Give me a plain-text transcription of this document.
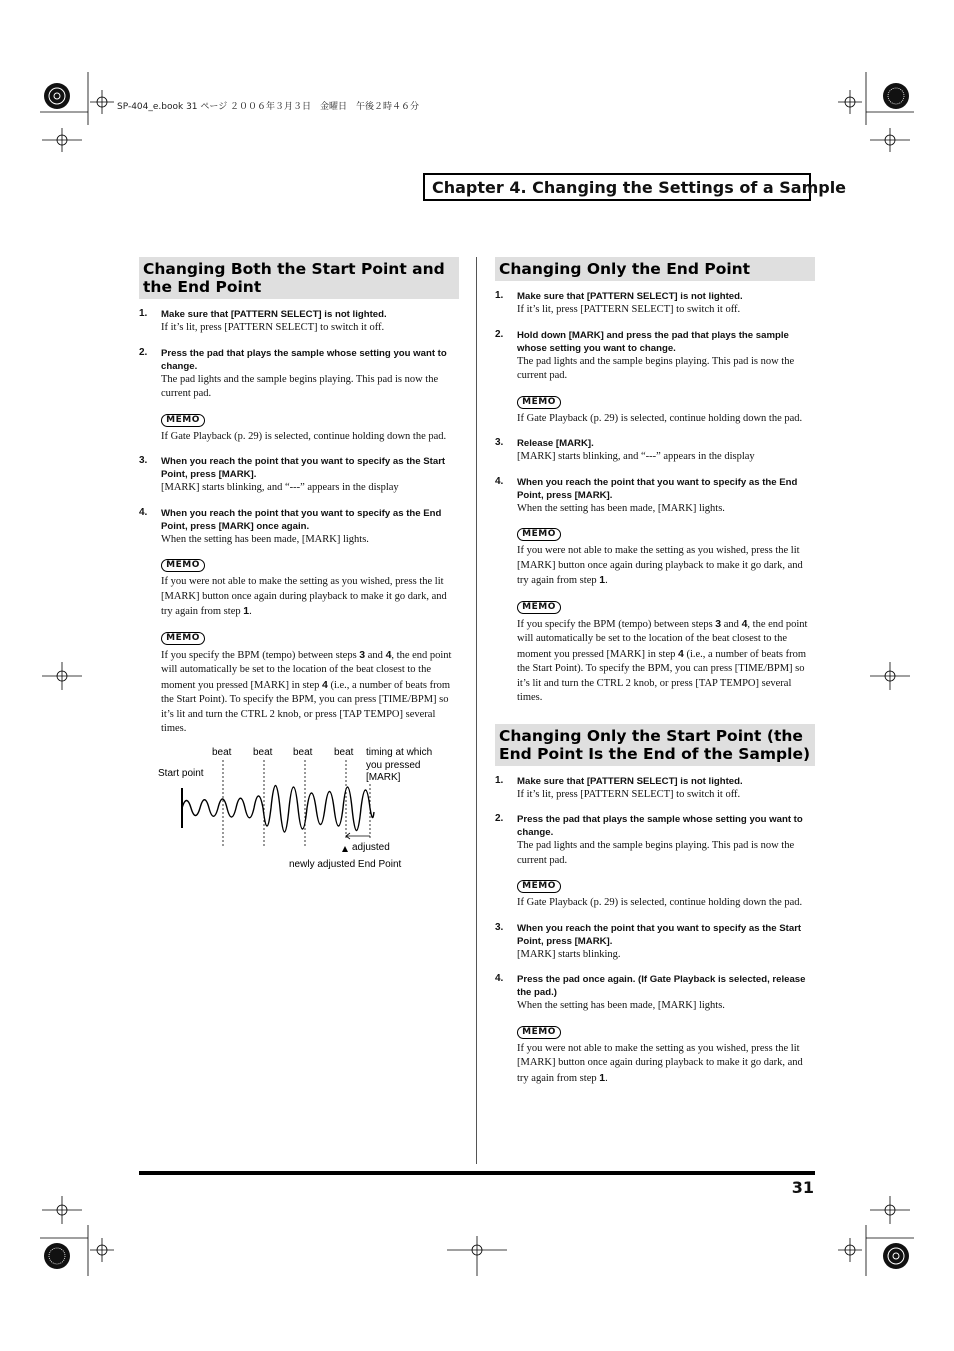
SP-404_e.book 31 ページ ２００６年３月３日　金曜日　午後２時４６分
Chapter 4. Changing the Settings of a Sample
Changing Both the Start Point and the End Point
1. Make sure that [PATTERN SELECT] is not lighted.
If it’s lit, press [PATTERN SELECT] to switch it off.
2. Press the pad that plays the sample whose setting you want to change.
The pad lights and the sample begins playing. This pad is now the current pad.
MEMO
If Gate Playback (p. 29) is selected, continue holding down the pad.
3. When you reach the point that you want to specify as the Start Point, press [MARK].
[MARK] starts blinking, and “---” appears in the display
4. When you reach the point that you want to specify as the End Point, press [MARK] once again.
When the setting has been made, [MARK] lights.
MEMO
If you were not able to make the setting as you wished, press the lit [MARK] button once again during playback to make it go dark, and try again from step 1.
MEMO
If you specify the BPM (tempo) between steps 3 and 4, the end point will automatically be set to the location of the beat closest to the moment you pressed [MARK] in step 4 (i.e., a number of beats from the Start Point). To specify the BPM, you can press [TIME/BPM] so it’s lit and turn the CTRL 2 knob, or press [TAP TEMPO] several times.
beat beat beat beat timing at which
you pressed
[MARK]
Start point
adjusted
newly adjusted End Point
Changing Only the End Point
1. Make sure that [PATTERN SELECT] is not lighted.
If it’s lit, press [PATTERN SELECT] to switch it off.
2. Hold down [MARK] and press the pad that plays the sample whose setting you want to change.
The pad lights and the sample begins playing. This pad is now the current pad.
MEMO
If Gate Playback (p. 29) is selected, continue holding down the pad.
3. Release [MARK].
[MARK] starts blinking, and “---” appears in the display
4. When you reach the point that you want to specify as the End Point, press [MARK].
When the setting has been made, [MARK] lights.
MEMO
If you were not able to make the setting as you wished, press the lit [MARK] button once again during playback to make it go dark, and try again from step 1.
MEMO
If you specify the BPM (tempo) between steps 3 and 4, the end point will automatically be set to the location of the beat closest to the moment you pressed [MARK] in step 4 (i.e., a number of beats from the Start Point). To specify the BPM, you can press [TIME/BPM] so it’s lit and turn the CTRL 2 knob, or press [TAP TEMPO] several times.
Changing Only the Start Point (the End Point Is the End of the Sample)
1. Make sure that [PATTERN SELECT] is not lighted.
If it’s lit, press [PATTERN SELECT] to switch it off.
2. Press the pad that plays the sample whose setting you want to change.
The pad lights and the sample begins playing. This pad is now the current pad.
MEMO
If Gate Playback (p. 29) is selected, continue holding down the pad.
3. When you reach the point that you want to specify as the Start Point, press [MARK].
[MARK] starts blinking.
4. Press the pad once again. (If Gate Playback is selected, release the pad.)
When the setting has been made, [MARK] lights.
MEMO
If you were not able to make the setting as you wished, press the lit [MARK] button once again during playback to make it go dark, and try again from step 1.
31
